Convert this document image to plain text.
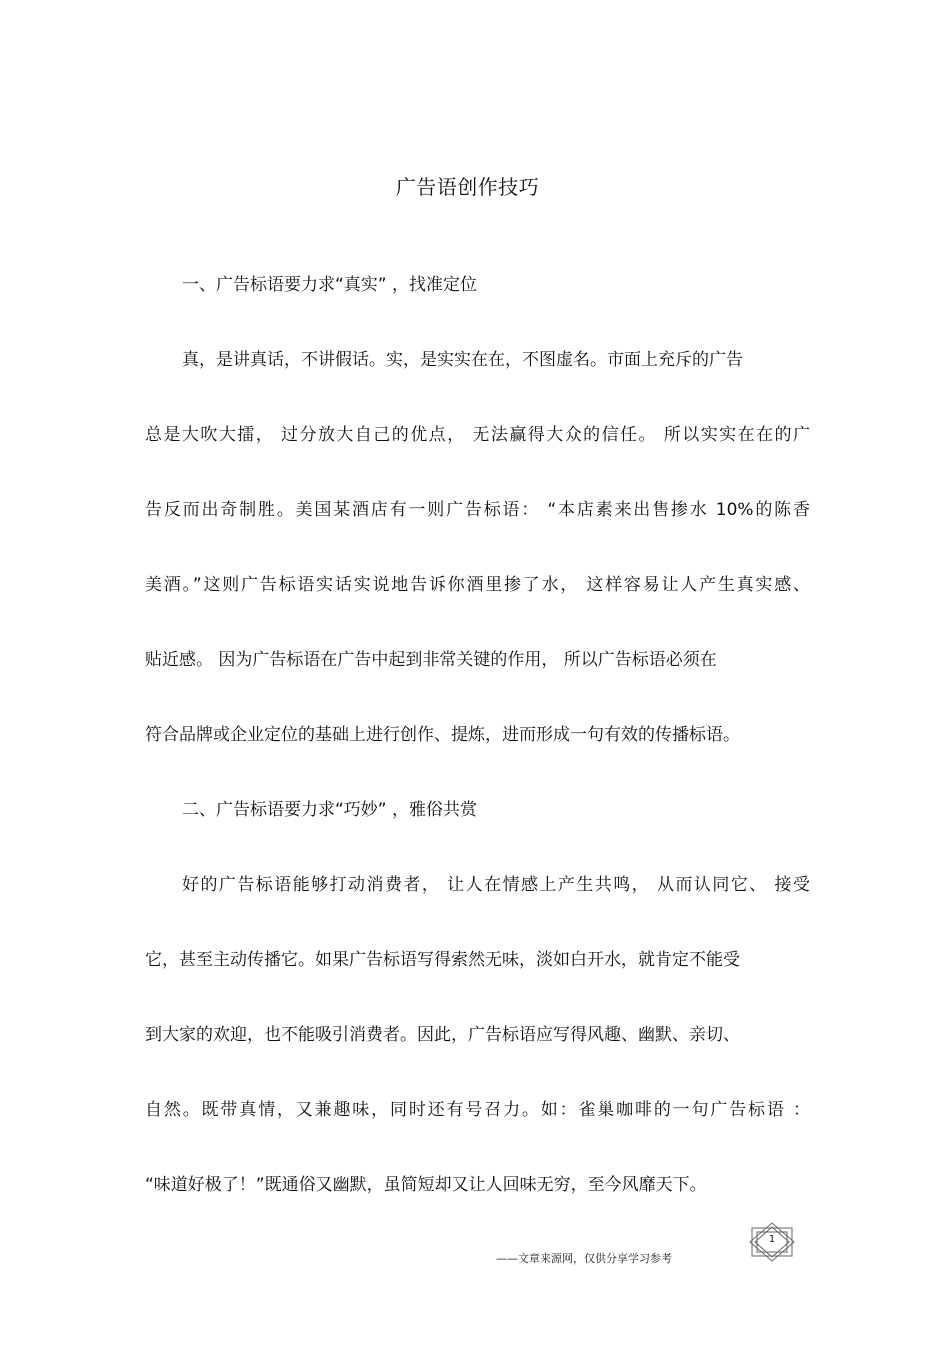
广告语创作技巧
一、广告标语要力求“真实” ，找准定位
真，是讲真话，不讲假话。实，是实实在在，不图虚名。市面上充斥的广告
总是大吹大擂， 过分放大自己的优点， 无法赢得大众的信任。 所以实实在在的广
告反而出奇制胜。美国某酒店有一则广告标语： “本店素来出售掺水 10%的陈香
美酒。”这则广告标语实话实说地告诉你酒里掺了水， 这样容易让人产生真实感、
贴近感。 因为广告标语在广告中起到非常关键的作用， 所以广告标语必须在
符合品牌或企业定位的基础上进行创作、提炼，进而形成一句有效的传播标语。
二、广告标语要力求“巧妙” ，雅俗共赏
好的广告标语能够打动消费者， 让人在情感上产生共鸣， 从而认同它、 接受
它，甚至主动传播它。如果广告标语写得索然无味，淡如白开水，就肯定不能受
到大家的欢迎，也不能吸引消费者。因此，广告标语应写得风趣、幽默、亲切、
自然。既带真情，又兼趣味，同时还有号召力。如：雀巢咖啡的一句广告标语 ：
“味道好极了！”既通俗又幽默，虽简短却又让人回味无穷，至今风靡天下。
1
——文章来源网，仅供分享学习参考
